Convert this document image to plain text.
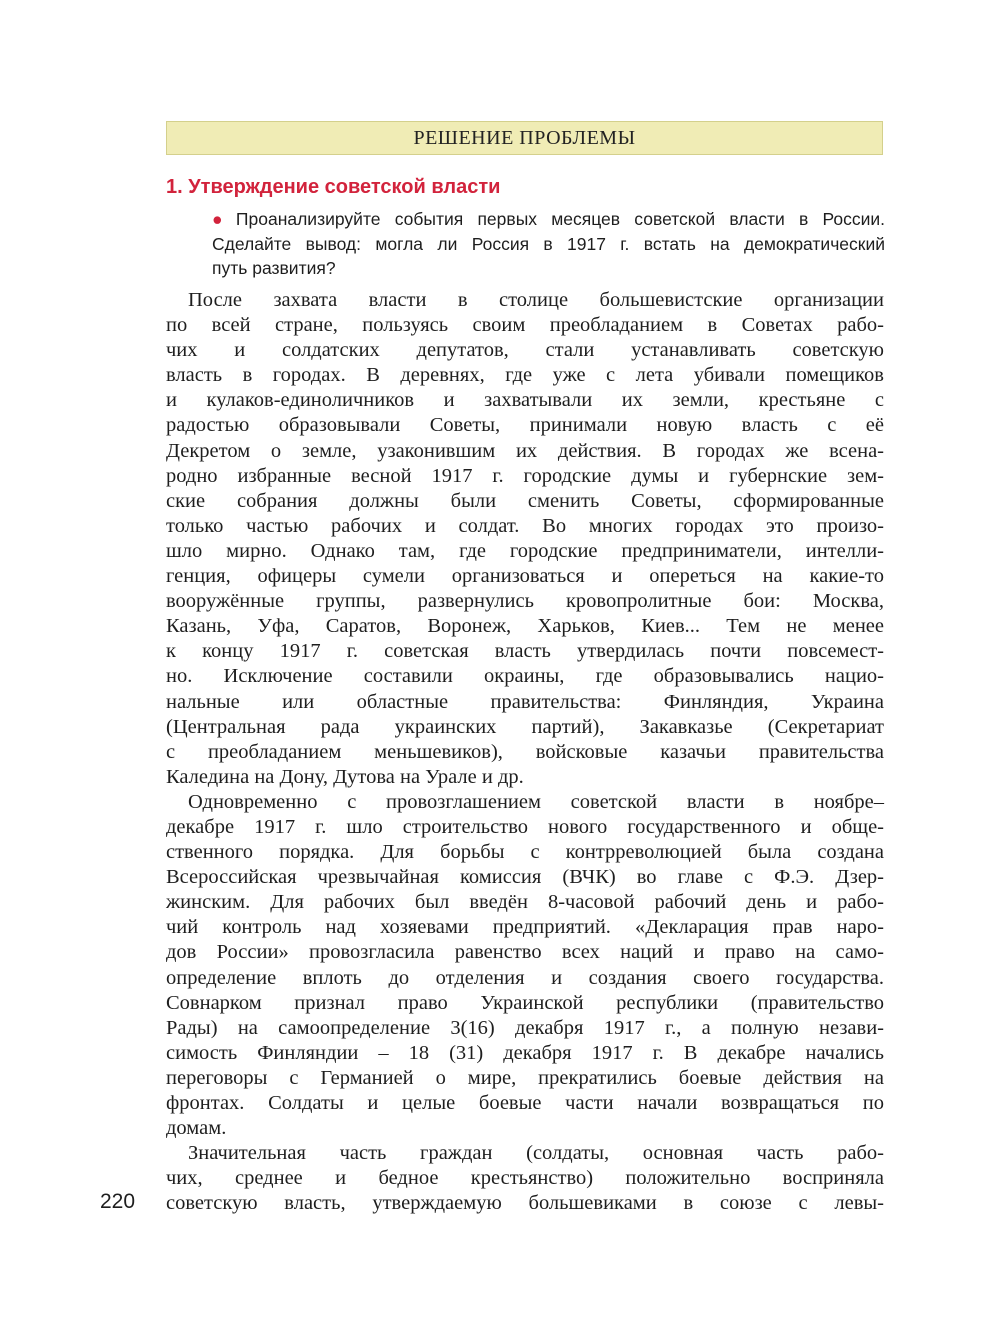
РЕШЕНИЕ ПРОБЛЕМЫ
1. Утверждение советской власти
● Проанализируйте события первых месяцев советской власти в России.
Сделайте вывод: могла ли Россия в 1917 г. встать на демократический
путь развития?
После захвата власти в столице большевистские организации
по всей стране, пользуясь своим преобладанием в Советах рабо-
чих и солдатских депутатов, стали устанавливать советскую
власть в городах. В деревнях, где уже с лета убивали помещиков
и кулаков-единоличников и захватывали их земли, крестьяне с
радостью образовывали Советы, принимали новую власть с её
Декретом о земле, узаконившим их действия. В городах же всена-
родно избранные весной 1917 г. городские думы и губернские зем-
ские собрания должны были сменить Советы, сформированные
только частью рабочих и солдат. Во многих городах это произо-
шло мирно. Однако там, где городские предприниматели, интелли-
генция, офицеры сумели организоваться и опереться на какие-то
вооружённые группы, развернулись кровопролитные бои: Москва,
Казань, Уфа, Саратов, Воронеж, Харьков, Киев... Тем не менее
к концу 1917 г. советская власть утвердилась почти повсемест-
но. Исключение составили окраины, где образовывались нацио-
нальные или областные правительства: Финляндия, Украина
(Центральная рада украинских партий), Закавказье (Секретариат
с преобладанием меньшевиков), войсковые казачьи правительства
Каледина на Дону, Дутова на Урале и др.
Одновременно с провозглашением советской власти в ноябре–
декабре 1917 г. шло строительство нового государственного и обще-
ственного порядка. Для борьбы с контрреволюцией была создана
Всероссийская чрезвычайная комиссия (ВЧК) во главе с Ф.Э. Дзер-
жинским. Для рабочих был введён 8-часовой рабочий день и рабо-
чий контроль над хозяевами предприятий. «Декларация прав наро-
дов России» провозгласила равенство всех наций и право на само-
определение вплоть до отделения и создания своего государства.
Совнарком признал право Украинской республики (правительство
Рады) на самоопределение 3(16) декабря 1917 г., а полную незави-
симость Финляндии – 18 (31) декабря 1917 г. В декабре начались
переговоры с Германией о мире, прекратились боевые действия на
фронтах. Солдаты и целые боевые части начали возвращаться по
домам.
Значительная часть граждан (солдаты, основная часть рабо-
чих, среднее и бедное крестьянство) положительно восприняла
советскую власть, утверждаемую большевиками в союзе с левы-
220
